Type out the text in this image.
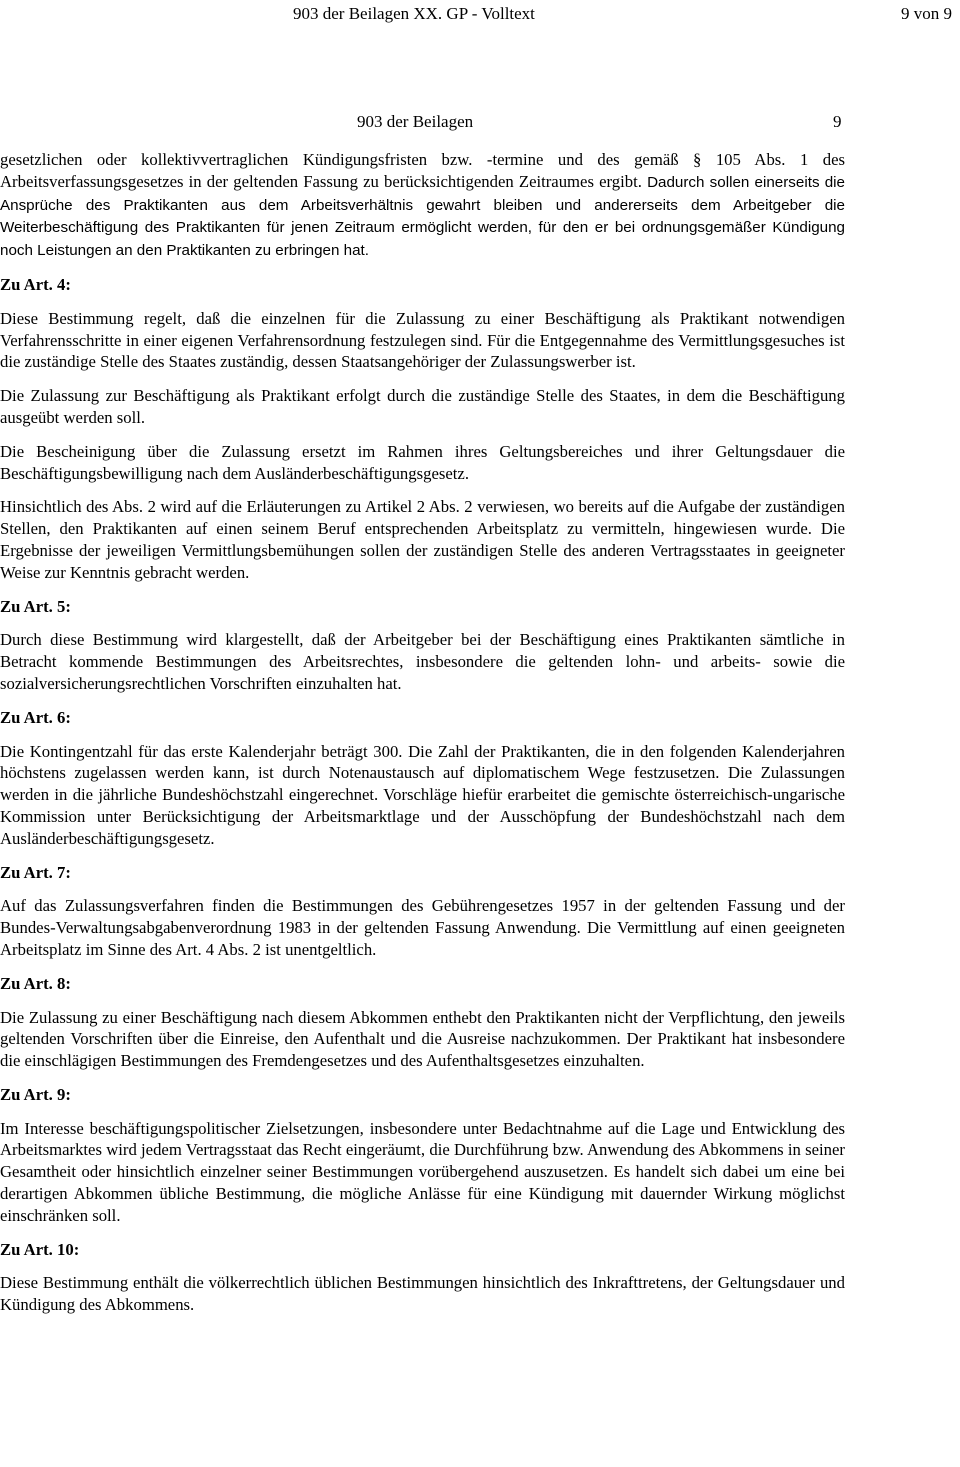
903 der Beilagen XX. GP - Volltext	9 von 9
903 der Beilagen	9

gesetzlichen oder kollektivvertraglichen Kündigungsfristen bzw. -termine und des gemäß § 105 Abs. 1 des Arbeitsverfassungsgesetzes in der geltenden Fassung zu berücksichtigenden Zeitraumes ergibt. Dadurch sollen einerseits die Ansprüche des Praktikanten aus dem Arbeitsverhältnis gewahrt bleiben und andererseits dem Arbeitgeber die Weiterbeschäftigung des Praktikanten für jenen Zeitraum ermöglicht werden, für den er bei ordnungsgemäßer Kündigung noch Leistungen an den Praktikanten zu erbringen hat.

Zu Art. 4:

Diese Bestimmung regelt, daß die einzelnen für die Zulassung zu einer Beschäftigung als Praktikant notwendigen Verfahrensschritte in einer eigenen Verfahrensordnung festzulegen sind. Für die Entgegennahme des Vermittlungsgesuches ist die zuständige Stelle des Staates zuständig, dessen Staatsangehöriger der Zulassungswerber ist.

Die Zulassung zur Beschäftigung als Praktikant erfolgt durch die zuständige Stelle des Staates, in dem die Beschäftigung ausgeübt werden soll.

Die Bescheinigung über die Zulassung ersetzt im Rahmen ihres Geltungsbereiches und ihrer Geltungsdauer die Beschäftigungsbewilligung nach dem Ausländerbeschäftigungsgesetz.

Hinsichtlich des Abs. 2 wird auf die Erläuterungen zu Artikel 2 Abs. 2 verwiesen, wo bereits auf die Aufgabe der zuständigen Stellen, den Praktikanten auf einen seinem Beruf entsprechenden Arbeitsplatz zu vermitteln, hingewiesen wurde. Die Ergebnisse der jeweiligen Vermittlungsbemühungen sollen der zuständigen Stelle des anderen Vertragsstaates in geeigneter Weise zur Kenntnis gebracht werden.

Zu Art. 5:

Durch diese Bestimmung wird klargestellt, daß der Arbeitgeber bei der Beschäftigung eines Praktikanten sämtliche in Betracht kommende Bestimmungen des Arbeitsrechtes, insbesondere die geltenden lohn- und arbeits- sowie die sozialversicherungsrechtlichen Vorschriften einzuhalten hat.

Zu Art. 6:

Die Kontingentzahl für das erste Kalenderjahr beträgt 300. Die Zahl der Praktikanten, die in den folgenden Kalenderjahren höchstens zugelassen werden kann, ist durch Notenaustausch auf diplomatischem Wege festzusetzen. Die Zulassungen werden in die jährliche Bundeshöchstzahl eingerechnet. Vorschläge hiefür erarbeitet die gemischte österreichisch-ungarische Kommission unter Berücksichtigung der Arbeitsmarktlage und der Ausschöpfung der Bundeshöchstzahl nach dem Ausländerbeschäftigungsgesetz.

Zu Art. 7:

Auf das Zulassungsverfahren finden die Bestimmungen des Gebührengesetzes 1957 in der geltenden Fassung und der Bundes-Verwaltungsabgabenverordnung 1983 in der geltenden Fassung Anwendung. Die Vermittlung auf einen geeigneten Arbeitsplatz im Sinne des Art. 4 Abs. 2 ist unentgeltlich.

Zu Art. 8:

Die Zulassung zu einer Beschäftigung nach diesem Abkommen enthebt den Praktikanten nicht der Verpflichtung, den jeweils geltenden Vorschriften über die Einreise, den Aufenthalt und die Ausreise nachzukommen. Der Praktikant hat insbesondere die einschlägigen Bestimmungen des Fremdengesetzes und des Aufenthaltsgesetzes einzuhalten.

Zu Art. 9:

Im Interesse beschäftigungspolitischer Zielsetzungen, insbesondere unter Bedachtnahme auf die Lage und Entwicklung des Arbeitsmarktes wird jedem Vertragsstaat das Recht eingeräumt, die Durchführung bzw. Anwendung des Abkommens in seiner Gesamtheit oder hinsichtlich einzelner seiner Bestimmungen vorübergehend auszusetzen. Es handelt sich dabei um eine bei derartigen Abkommen übliche Bestimmung, die mögliche Anlässe für eine Kündigung mit dauernder Wirkung möglichst einschränken soll.

Zu Art. 10:

Diese Bestimmung enthält die völkerrechtlich üblichen Bestimmungen hinsichtlich des Inkrafttretens, der Geltungsdauer und Kündigung des Abkommens.
